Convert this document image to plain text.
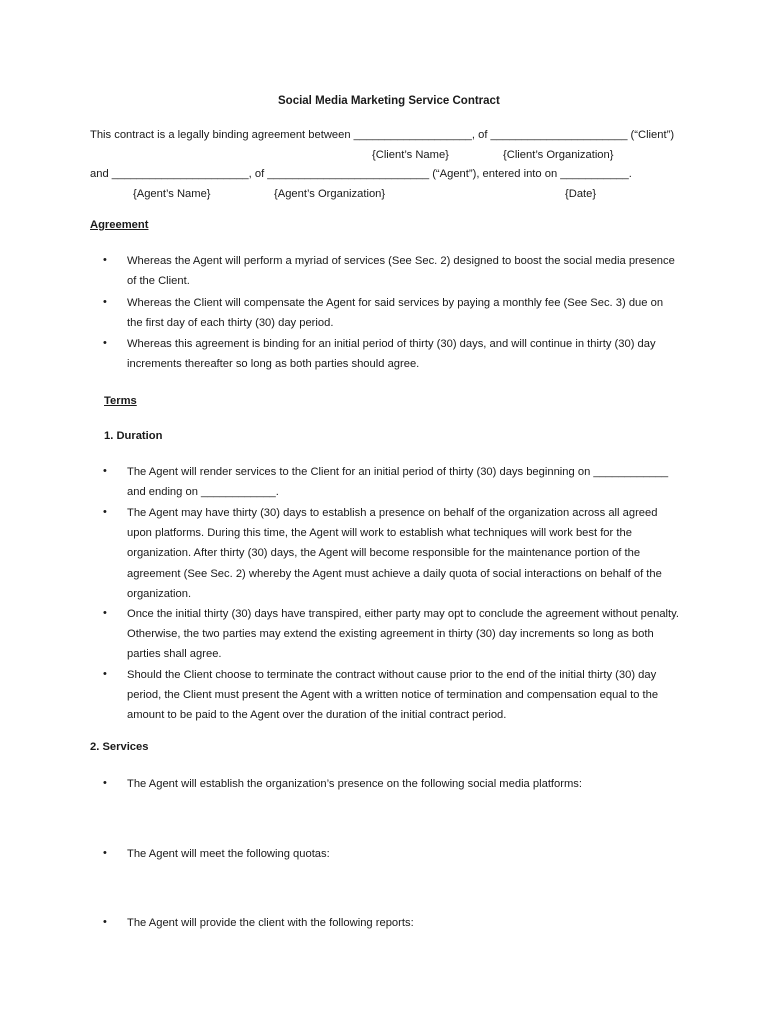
Social Media Marketing Service Contract
This contract is a legally binding agreement between ___________________, of ______________________ (“Client”)
{Client’s Name}	{Client’s Organization}
and ______________________, of __________________________ (“Agent”), entered into on ___________.
{Agent’s Name}	{Agent’s Organization}	{Date}
Agreement
• Whereas the Agent will perform a myriad of services (See Sec. 2) designed to boost the social media presence of the Client.
• Whereas the Client will compensate the Agent for said services by paying a monthly fee (See Sec. 3) due on the first day of each thirty (30) day period.
• Whereas this agreement is binding for an initial period of thirty (30) days, and will continue in thirty (30) day increments thereafter so long as both parties should agree.
Terms
1. Duration
• The Agent will render services to the Client for an initial period of thirty (30) days beginning on ____________ and ending on ____________.
• The Agent may have thirty (30) days to establish a presence on behalf of the organization across all agreed upon platforms. During this time, the Agent will work to establish what techniques will work best for the organization. After thirty (30) days, the Agent will become responsible for the maintenance portion of the agreement (See Sec. 2) whereby the Agent must achieve a daily quota of social interactions on behalf of the organization.
• Once the initial thirty (30) days have transpired, either party may opt to conclude the agreement without penalty. Otherwise, the two parties may extend the existing agreement in thirty (30) day increments so long as both parties shall agree.
• Should the Client choose to terminate the contract without cause prior to the end of the initial thirty (30) day period, the Client must present the Agent with a written notice of termination and compensation equal to the amount to be paid to the Agent over the duration of the initial contract period.
2. Services
• The Agent will establish the organization’s presence on the following social media platforms:
• The Agent will meet the following quotas:
• The Agent will provide the client with the following reports:
